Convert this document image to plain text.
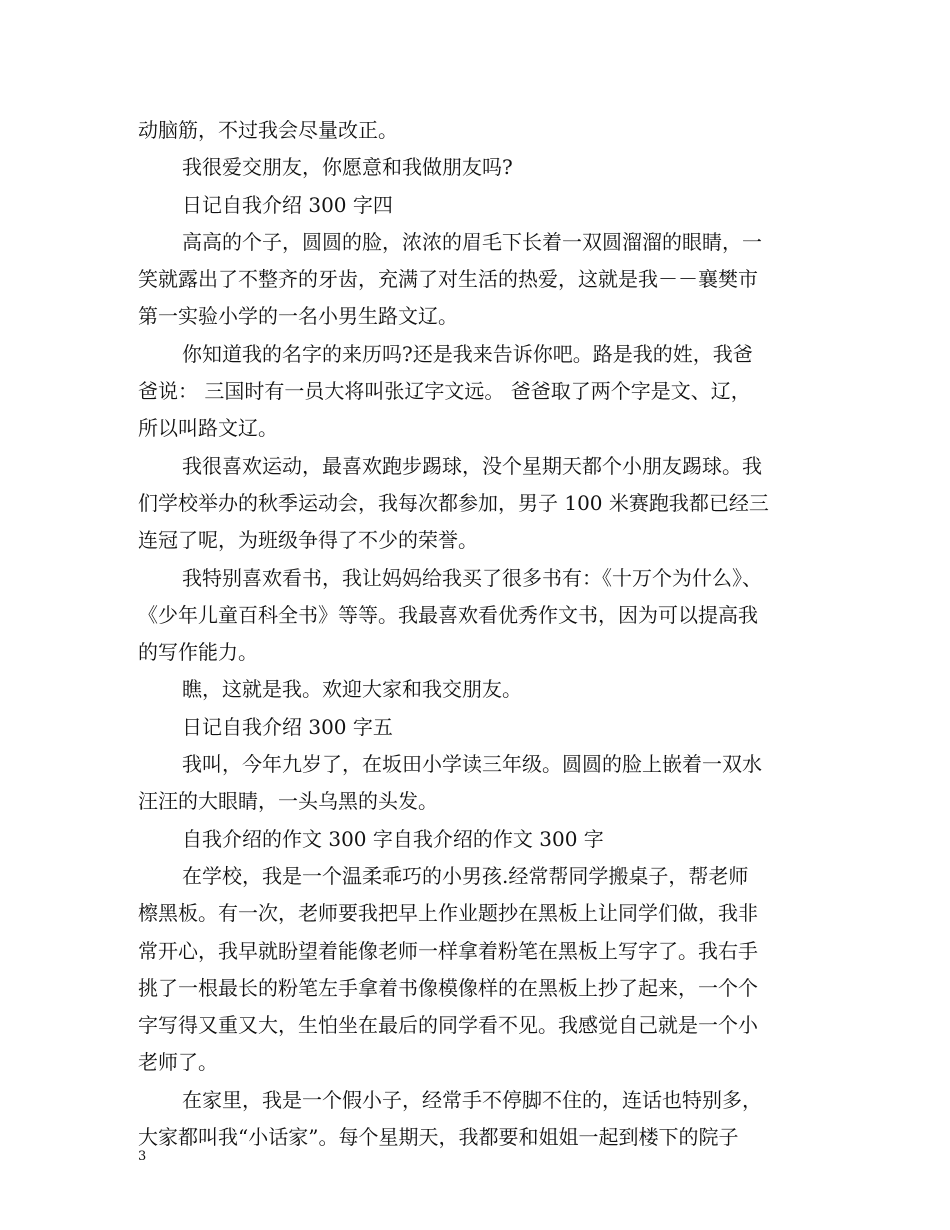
动脑筋，不过我会尽量改正。
我很爱交朋友，你愿意和我做朋友吗?
日记自我介绍 300 字四
高高的个子，圆圆的脸，浓浓的眉毛下长着一双圆溜溜的眼睛，一
笑就露出了不整齐的牙齿，充满了对生活的热爱，这就是我－－襄樊市
第一实验小学的一名小男生路文辽。
你知道我的名字的来历吗?还是我来告诉你吧。路是我的姓，我爸
爸说： 三国时有一员大将叫张辽字文远。 爸爸取了两个字是文、辽，
所以叫路文辽。
我很喜欢运动，最喜欢跑步踢球，没个星期天都个小朋友踢球。我
们学校举办的秋季运动会，我每次都参加，男子 100 米赛跑我都已经三
连冠了呢，为班级争得了不少的荣誉。
我特别喜欢看书，我让妈妈给我买了很多书有：《十万个为什么》、
《少年儿童百科全书》等等。我最喜欢看优秀作文书，因为可以提高我
的写作能力。
瞧，这就是我。欢迎大家和我交朋友。
日记自我介绍 300 字五
我叫，今年九岁了，在坂田小学读三年级。圆圆的脸上嵌着一双水
汪汪的大眼睛，一头乌黑的头发。
自我介绍的作文 300 字自我介绍的作文 300 字
在学校，我是一个温柔乖巧的小男孩.经常帮同学搬桌子，帮老师
檫黑板。有一次，老师要我把早上作业题抄在黑板上让同学们做，我非
常开心，我早就盼望着能像老师一样拿着粉笔在黑板上写字了。我右手
挑了一根最长的粉笔左手拿着书像模像样的在黑板上抄了起来，一个个
字写得又重又大，生怕坐在最后的同学看不见。我感觉自己就是一个小
老师了。
在家里，我是一个假小子，经常手不停脚不住的，连话也特别多，
大家都叫我“小话家”。每个星期天，我都要和姐姐一起到楼下的院子
3
